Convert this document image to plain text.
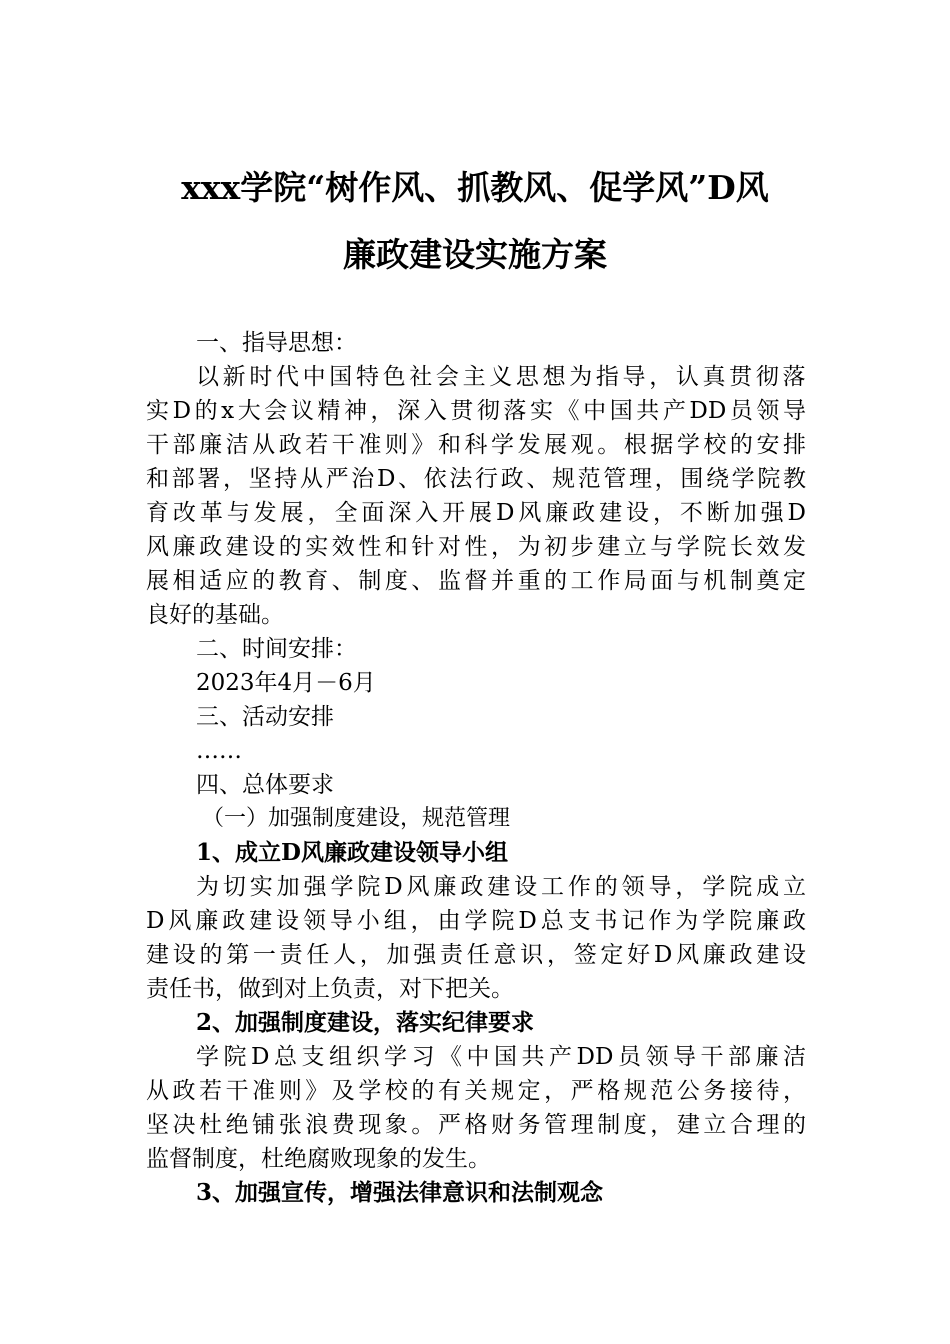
xxx学院“树作风、抓教风、促学风”D风
廉政建设实施方案
一、指导思想：
以新时代中国特色社会主义思想为指导，认真贯彻落
实D的x大会议精神，深入贯彻落实《中国共产DD员领导
干部廉洁从政若干准则》和科学发展观。根据学校的安排
和部署，坚持从严治D、依法行政、规范管理，围绕学院教
育改革与发展，全面深入开展D风廉政建设，不断加强D
风廉政建设的实效性和针对性，为初步建立与学院长效发
展相适应的教育、制度、监督并重的工作局面与机制奠定
良好的基础。
二、时间安排：
2023年4月－6月
三、活动安排
……
四、总体要求
（一）加强制度建设，规范管理
1、成立D风廉政建设领导小组
为切实加强学院D风廉政建设工作的领导，学院成立
D风廉政建设领导小组，由学院D总支书记作为学院廉政
建设的第一责任人，加强责任意识，签定好D风廉政建设
责任书，做到对上负责，对下把关。
2、加强制度建设，落实纪律要求
学院D总支组织学习《中国共产DD员领导干部廉洁
从政若干准则》及学校的有关规定，严格规范公务接待，
坚决杜绝铺张浪费现象。严格财务管理制度，建立合理的
监督制度，杜绝腐败现象的发生。
3、加强宣传，增强法律意识和法制观念
